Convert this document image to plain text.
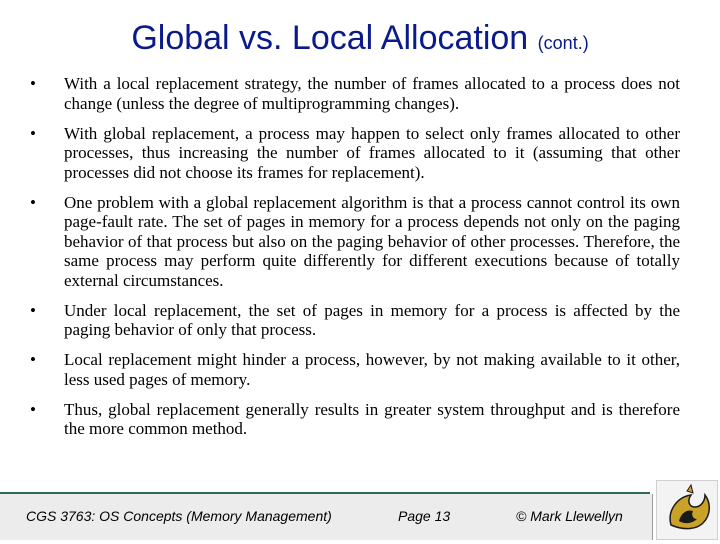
Global vs. Local Allocation (cont.)
•	With a local replacement strategy, the number of frames allocated to a process does not change (unless the degree of multiprogramming changes).
•	With global replacement, a process may happen to select only frames allocated to other processes, thus increasing the number of frames allocated to it (assuming that other processes did not choose its frames for replacement).
•	One problem with a global replacement algorithm is that a process cannot control its own page-fault rate. The set of pages in memory for a process depends not only on the paging behavior of that process but also on the paging behavior of other processes. Therefore, the same process may perform quite differently for different executions because of totally external circumstances.
•	Under local replacement, the set of pages in memory for a process is affected by the paging behavior of only that process.
•	Local replacement might hinder a process, however, by not making available to it other, less used pages of memory.
•	Thus, global replacement generally results in greater system throughput and is therefore the more common method.
CGS 3763: OS Concepts (Memory Management)	Page 13	© Mark Llewellyn
